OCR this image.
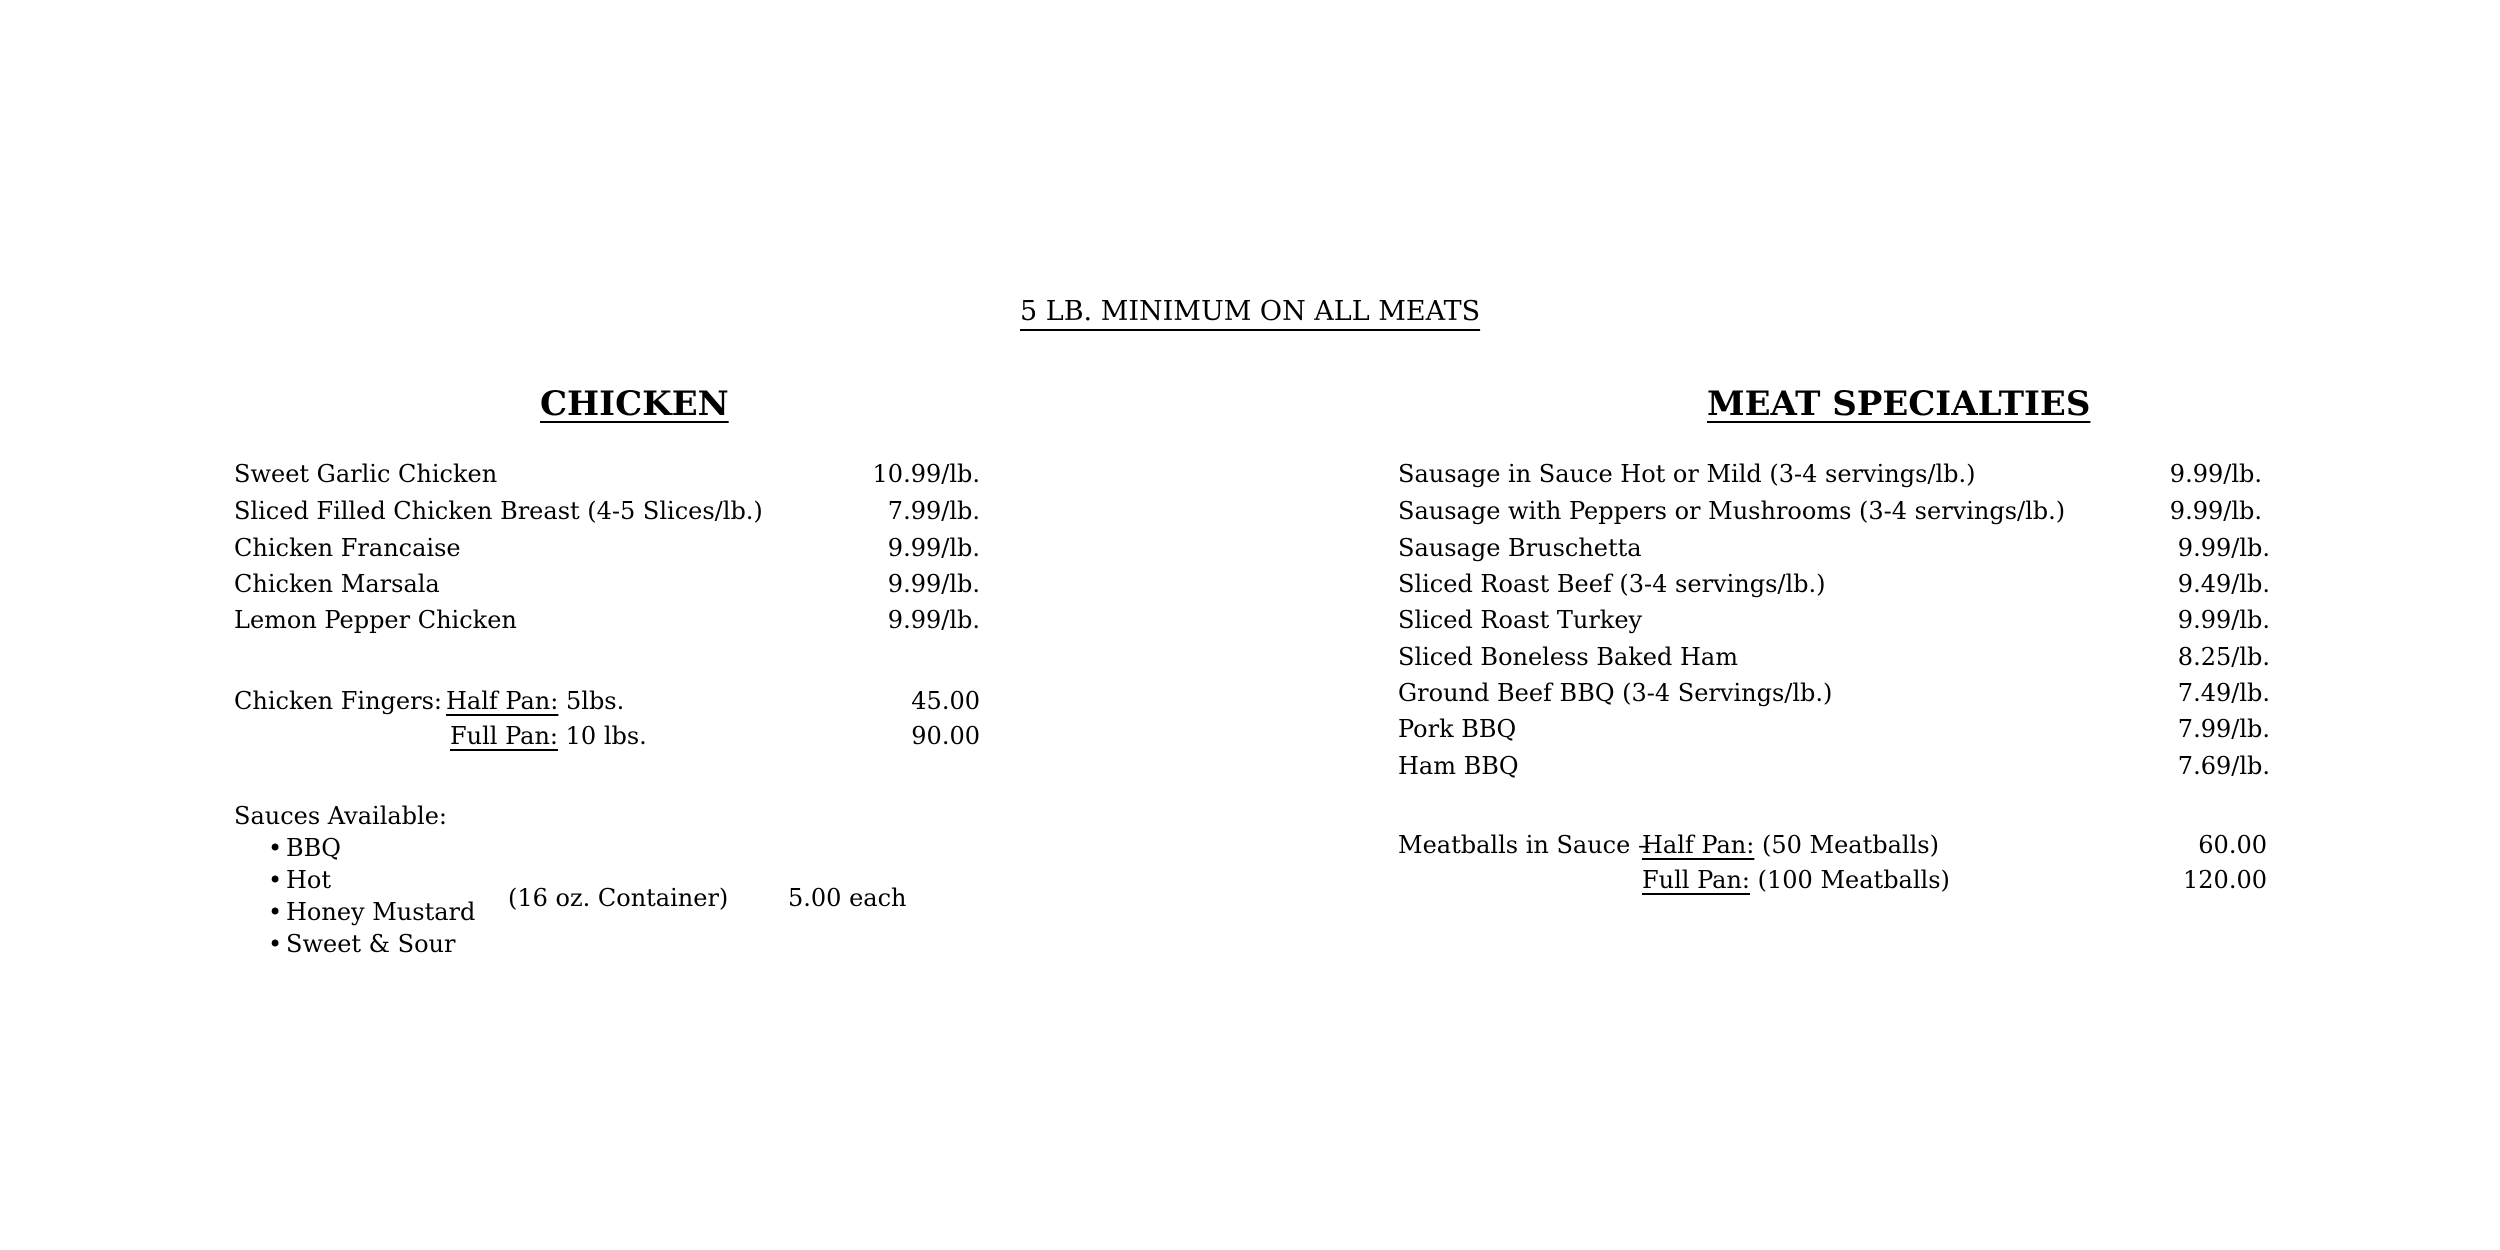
5 LB. MINIMUM ON ALL MEATS
CHICKEN	MEAT SPECIALTIES
Sweet Garlic Chicken	10.99/lb.
Sliced Filled Chicken Breast (4-5 Slices/lb.)	7.99/lb.
Chicken Francaise	9.99/lb.
Chicken Marsala	9.99/lb.
Lemon Pepper Chicken	9.99/lb.
Chicken Fingers: Half Pan: 5lbs.	45.00
Full Pan: 10 lbs.	90.00
Sauces Available:
• BBQ
• Hot
• Honey Mustard
• Sweet & Sour
(16 oz. Container) 5.00 each
Sausage in Sauce Hot or Mild (3-4 servings/lb.)	9.99/lb.
Sausage with Peppers or Mushrooms (3-4 servings/lb.)	9.99/lb.
Sausage Bruschetta	9.99/lb.
Sliced Roast Beef (3-4 servings/lb.)	9.49/lb.
Sliced Roast Turkey	9.99/lb.
Sliced Boneless Baked Ham	8.25/lb.
Ground Beef BBQ (3-4 Servings/lb.)	7.49/lb.
Pork BBQ	7.99/lb.
Ham BBQ	7.69/lb.
Meatballs in Sauce –
Half Pan: (50 Meatballs)	60.00
Full Pan: (100 Meatballs)	120.00
